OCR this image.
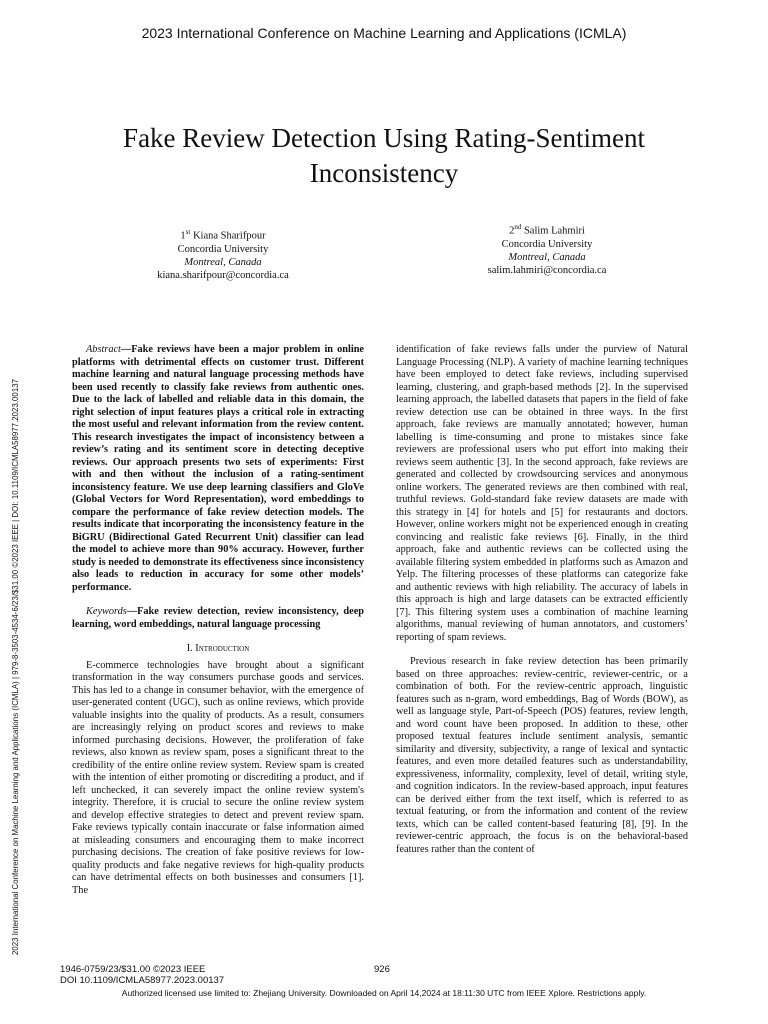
2023 International Conference on Machine Learning and Applications (ICMLA)
Fake Review Detection Using Rating-Sentiment
Inconsistency
1st Kiana Sharifpour
Concordia University
Montreal, Canada
kiana.sharifpour@concordia.ca
2nd Salim Lahmiri
Concordia University
Montreal, Canada
salim.lahmiri@concordia.ca
2023 International Conference on Machine Learning and Applications (ICMLA) | 979-8-3503-4534-6/23/$31.00 ©2023 IEEE | DOI: 10.1109/ICMLA58977.2023.00137

Abstract—Fake reviews have been a major problem in online platforms with detrimental effects on customer trust. Different machine learning and natural language processing methods have been used recently to classify fake reviews from authentic ones. Due to the lack of labelled and reliable data in this domain, the right selection of input features plays a critical role in extracting the most useful and relevant information from the review content. This research investigates the impact of inconsistency between a review’s rating and its sentiment score in detecting deceptive reviews. Our approach presents two sets of experiments: First with and then without the inclusion of a rating-sentiment inconsistency feature. We use deep learning classifiers and GloVe (Global Vectors for Word Representation), word embeddings to compare the performance of fake review detection models. The results indicate that incorporating the inconsistency feature in the BiGRU (Bidirectional Gated Recurrent Unit) classifier can lead the model to achieve more than 90% accuracy. However, further study is needed to demonstrate its effectiveness since inconsistency also leads to reduction in accuracy for some other models’ performance.

Keywords—Fake review detection, review inconsistency, deep learning, word embeddings, natural language processing

I. Introduction

E-commerce technologies have brought about a significant transformation in the way consumers purchase goods and services. This has led to a change in consumer behavior, with the emergence of user-generated content (UGC), such as online reviews, which provide valuable insights into the quality of products. As a result, consumers are increasingly relying on product scores and reviews to make informed purchasing decisions. However, the proliferation of fake reviews, also known as review spam, poses a significant threat to the credibility of the entire online review system. Review spam is created with the intention of either promoting or discrediting a product, and if left unchecked, it can severely impact the online review system's integrity. Therefore, it is crucial to secure the online review system and develop effective strategies to detect and prevent review spam. Fake reviews typically contain inaccurate or false information aimed at misleading consumers and encouraging them to make incorrect purchasing decisions. The creation of fake positive reviews for low-quality products and fake negative reviews for high-quality products can have detrimental effects on both businesses and consumers [1]. The

identification of fake reviews falls under the purview of Natural Language Processing (NLP). A variety of machine learning techniques have been employed to detect fake reviews, including supervised learning, clustering, and graph-based methods [2]. In the supervised learning approach, the labelled datasets that papers in the field of fake review detection use can be obtained in three ways. In the first approach, fake reviews are manually annotated; however, human labelling is time-consuming and prone to mistakes since fake reviewers are professional users who put effort into making their reviews seem authentic [3]. In the second approach, fake reviews are generated and collected by crowdsourcing services and anonymous online workers. The generated reviews are then combined with real, truthful reviews. Gold-standard fake review datasets are made with this strategy in [4] for hotels and [5] for restaurants and doctors. However, online workers might not be experienced enough in creating convincing and realistic fake reviews [6]. Finally, in the third approach, fake and authentic reviews can be collected using the available filtering system embedded in platforms such as Amazon and Yelp. The filtering processes of these platforms can categorize fake and authentic reviews with high reliability. The accuracy of labels in this approach is high and large datasets can be extracted efficiently [7]. This filtering system uses a combination of machine learning algorithms, manual reviewing of human annotators, and customers’ reporting of spam reviews.

Previous research in fake review detection has been primarily based on three approaches: review-centric, reviewer-centric, or a combination of both. For the review-centric approach, linguistic features such as n-gram, word embeddings, Bag of Words (BOW), as well as language style, Part-of-Speech (POS) features, review length, and word count have been proposed. In addition to these, other proposed textual features include sentiment analysis, semantic similarity and diversity, subjectivity, a range of lexical and syntactic features, and even more detailed features such as understandability, expressiveness, informality, complexity, level of detail, writing style, and cognition indicators. In the review-based approach, input features can be derived either from the text itself, which is referred to as textual featuring, or from the information and content of the review texts, which can be called content-based featuring [8], [9]. In the reviewer-centric approach, the focus is on the behavioral-based features rather than the content of

1946-0759/23/$31.00 ©2023 IEEE
DOI 10.1109/ICMLA58977.2023.00137
926
Authorized licensed use limited to: Zhejiang University. Downloaded on April 14,2024 at 18:11:30 UTC from IEEE Xplore. Restrictions apply.
